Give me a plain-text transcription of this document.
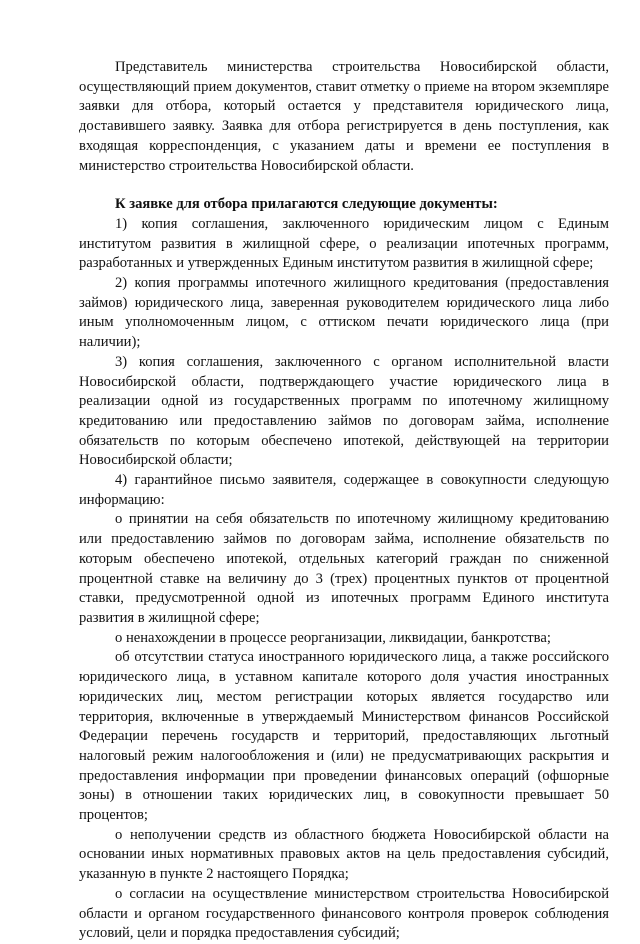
Представитель министерства строительства Новосибирской области, осуществляющий прием документов, ставит отметку о приеме на втором экземпляре заявки для отбора, который остается у представителя юридического лица, доставившего заявку. Заявка для отбора регистрируется в день поступления, как входящая корреспонденция, с указанием даты и времени ее поступления в министерство строительства Новосибирской области.

К заявке для отбора прилагаются следующие документы:

1) копия соглашения, заключенного юридическим лицом с Единым институтом развития в жилищной сфере, о реализации ипотечных программ, разработанных и утвержденных Единым институтом развития в жилищной сфере;

2) копия программы ипотечного жилищного кредитования (предоставления займов) юридического лица, заверенная руководителем юридического лица либо иным уполномоченным лицом, с оттиском печати юридического лица (при наличии);

3) копия соглашения, заключенного с органом исполнительной власти Новосибирской области, подтверждающего участие юридического лица в реализации одной из государственных программ по ипотечному жилищному кредитованию или предоставлению займов по договорам займа, исполнение обязательств по которым обеспечено ипотекой, действующей на территории Новосибирской области;

4) гарантийное письмо заявителя, содержащее в совокупности следующую информацию:

о принятии на себя обязательств по ипотечному жилищному кредитованию или предоставлению займов по договорам займа, исполнение обязательств по которым обеспечено ипотекой, отдельных категорий граждан по сниженной процентной ставке на величину до 3 (трех) процентных пунктов от процентной ставки, предусмотренной одной из ипотечных программ Единого института развития в жилищной сфере;

о ненахождении в процессе реорганизации, ликвидации, банкротства;

об отсутствии статуса иностранного юридического лица, а также российского юридического лица, в уставном капитале которого доля участия иностранных юридических лиц, местом регистрации которых является государство или территория, включенные в утверждаемый Министерством финансов Российской Федерации перечень государств и территорий, предоставляющих льготный налоговый режим налогообложения и (или) не предусматривающих раскрытия и предоставления информации при проведении финансовых операций (офшорные зоны) в отношении таких юридических лиц, в совокупности превышает 50 процентов;

о неполучении средств из областного бюджета Новосибирской области на основании иных нормативных правовых актов на цель предоставления субсидий, указанную в пункте 2 настоящего Порядка;

о согласии на осуществление министерством строительства Новосибирской области и органом государственного финансового контроля проверок соблюдения условий, цели и порядка предоставления субсидий;
